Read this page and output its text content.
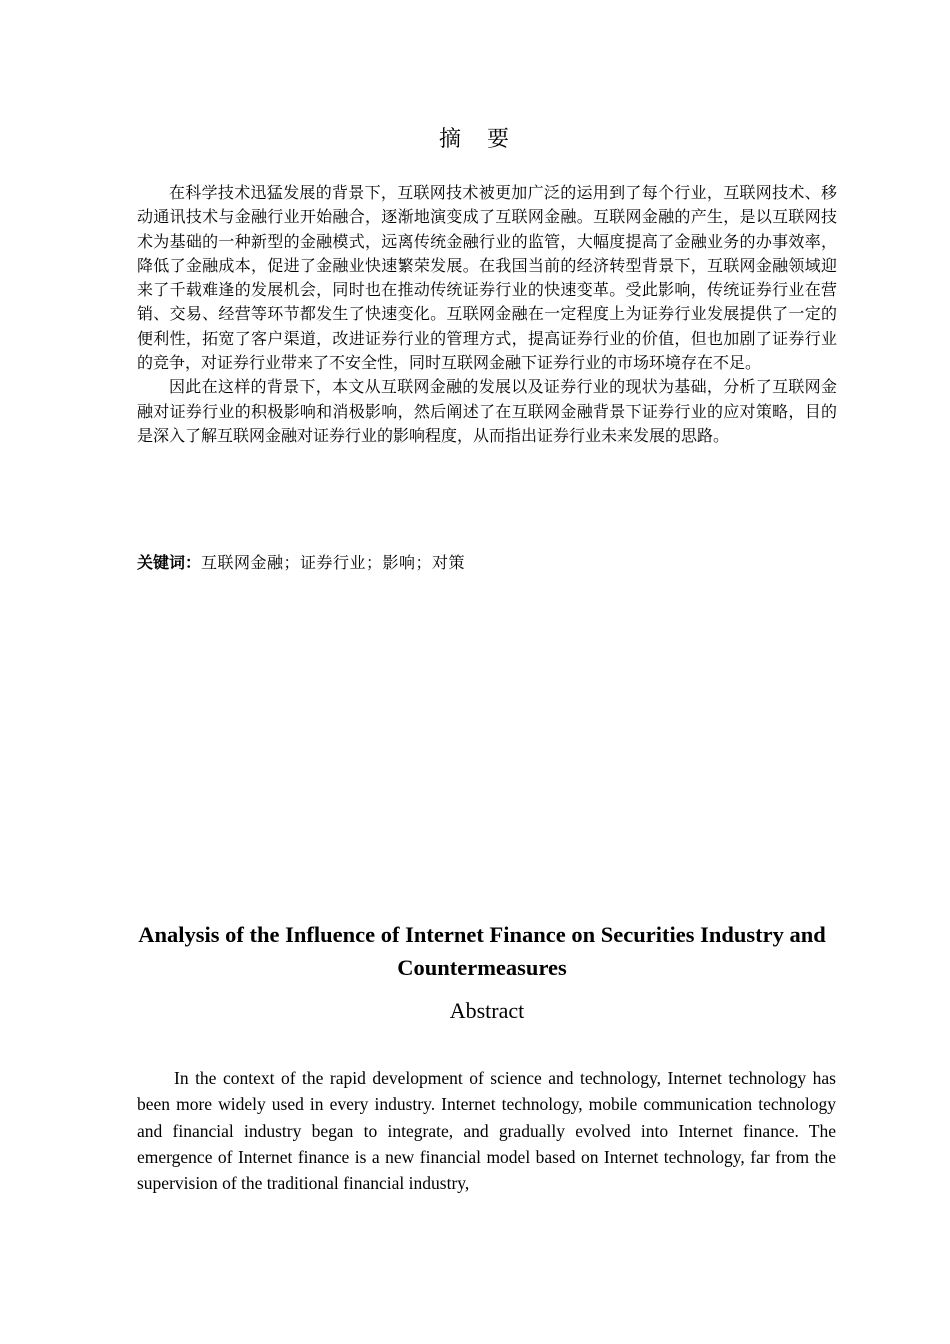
摘要

在科学技术迅猛发展的背景下，互联网技术被更加广泛的运用到了每个行业，互联网技术、移动通讯技术与金融行业开始融合，逐渐地演变成了互联网金融。互联网金融的产生，是以互联网技术为基础的一种新型的金融模式，远离传统金融行业的监管，大幅度提高了金融业务的办事效率，降低了金融成本，促进了金融业快速繁荣发展。在我国当前的经济转型背景下，互联网金融领域迎来了千载难逢的发展机会，同时也在推动传统证券行业的快速变革。受此影响，传统证券行业在营销、交易、经营等环节都发生了快速变化。互联网金融在一定程度上为证券行业发展提供了一定的便利性，拓宽了客户渠道，改进证券行业的管理方式，提高证券行业的价值，但也加剧了证券行业的竞争，对证券行业带来了不安全性，同时互联网金融下证券行业的市场环境存在不足。

因此在这样的背景下，本文从互联网金融的发展以及证券行业的现状为基础，分析了互联网金融对证券行业的积极影响和消极影响，然后阐述了在互联网金融背景下证券行业的应对策略，目的是深入了解互联网金融对证券行业的影响程度，从而指出证券行业未来发展的思路。

关键词：互联网金融；证券行业；影响；对策
Analysis of the Influence of Internet Finance on Securities Industry and Countermeasures
Abstract

In the context of the rapid development of science and technology, Internet technology has been more widely used in every industry. Internet technology, mobile communication technology and financial industry began to integrate, and gradually evolved into Internet finance. The emergence of Internet finance is a new financial model based on Internet technology, far from the supervision of the traditional financial industry,
